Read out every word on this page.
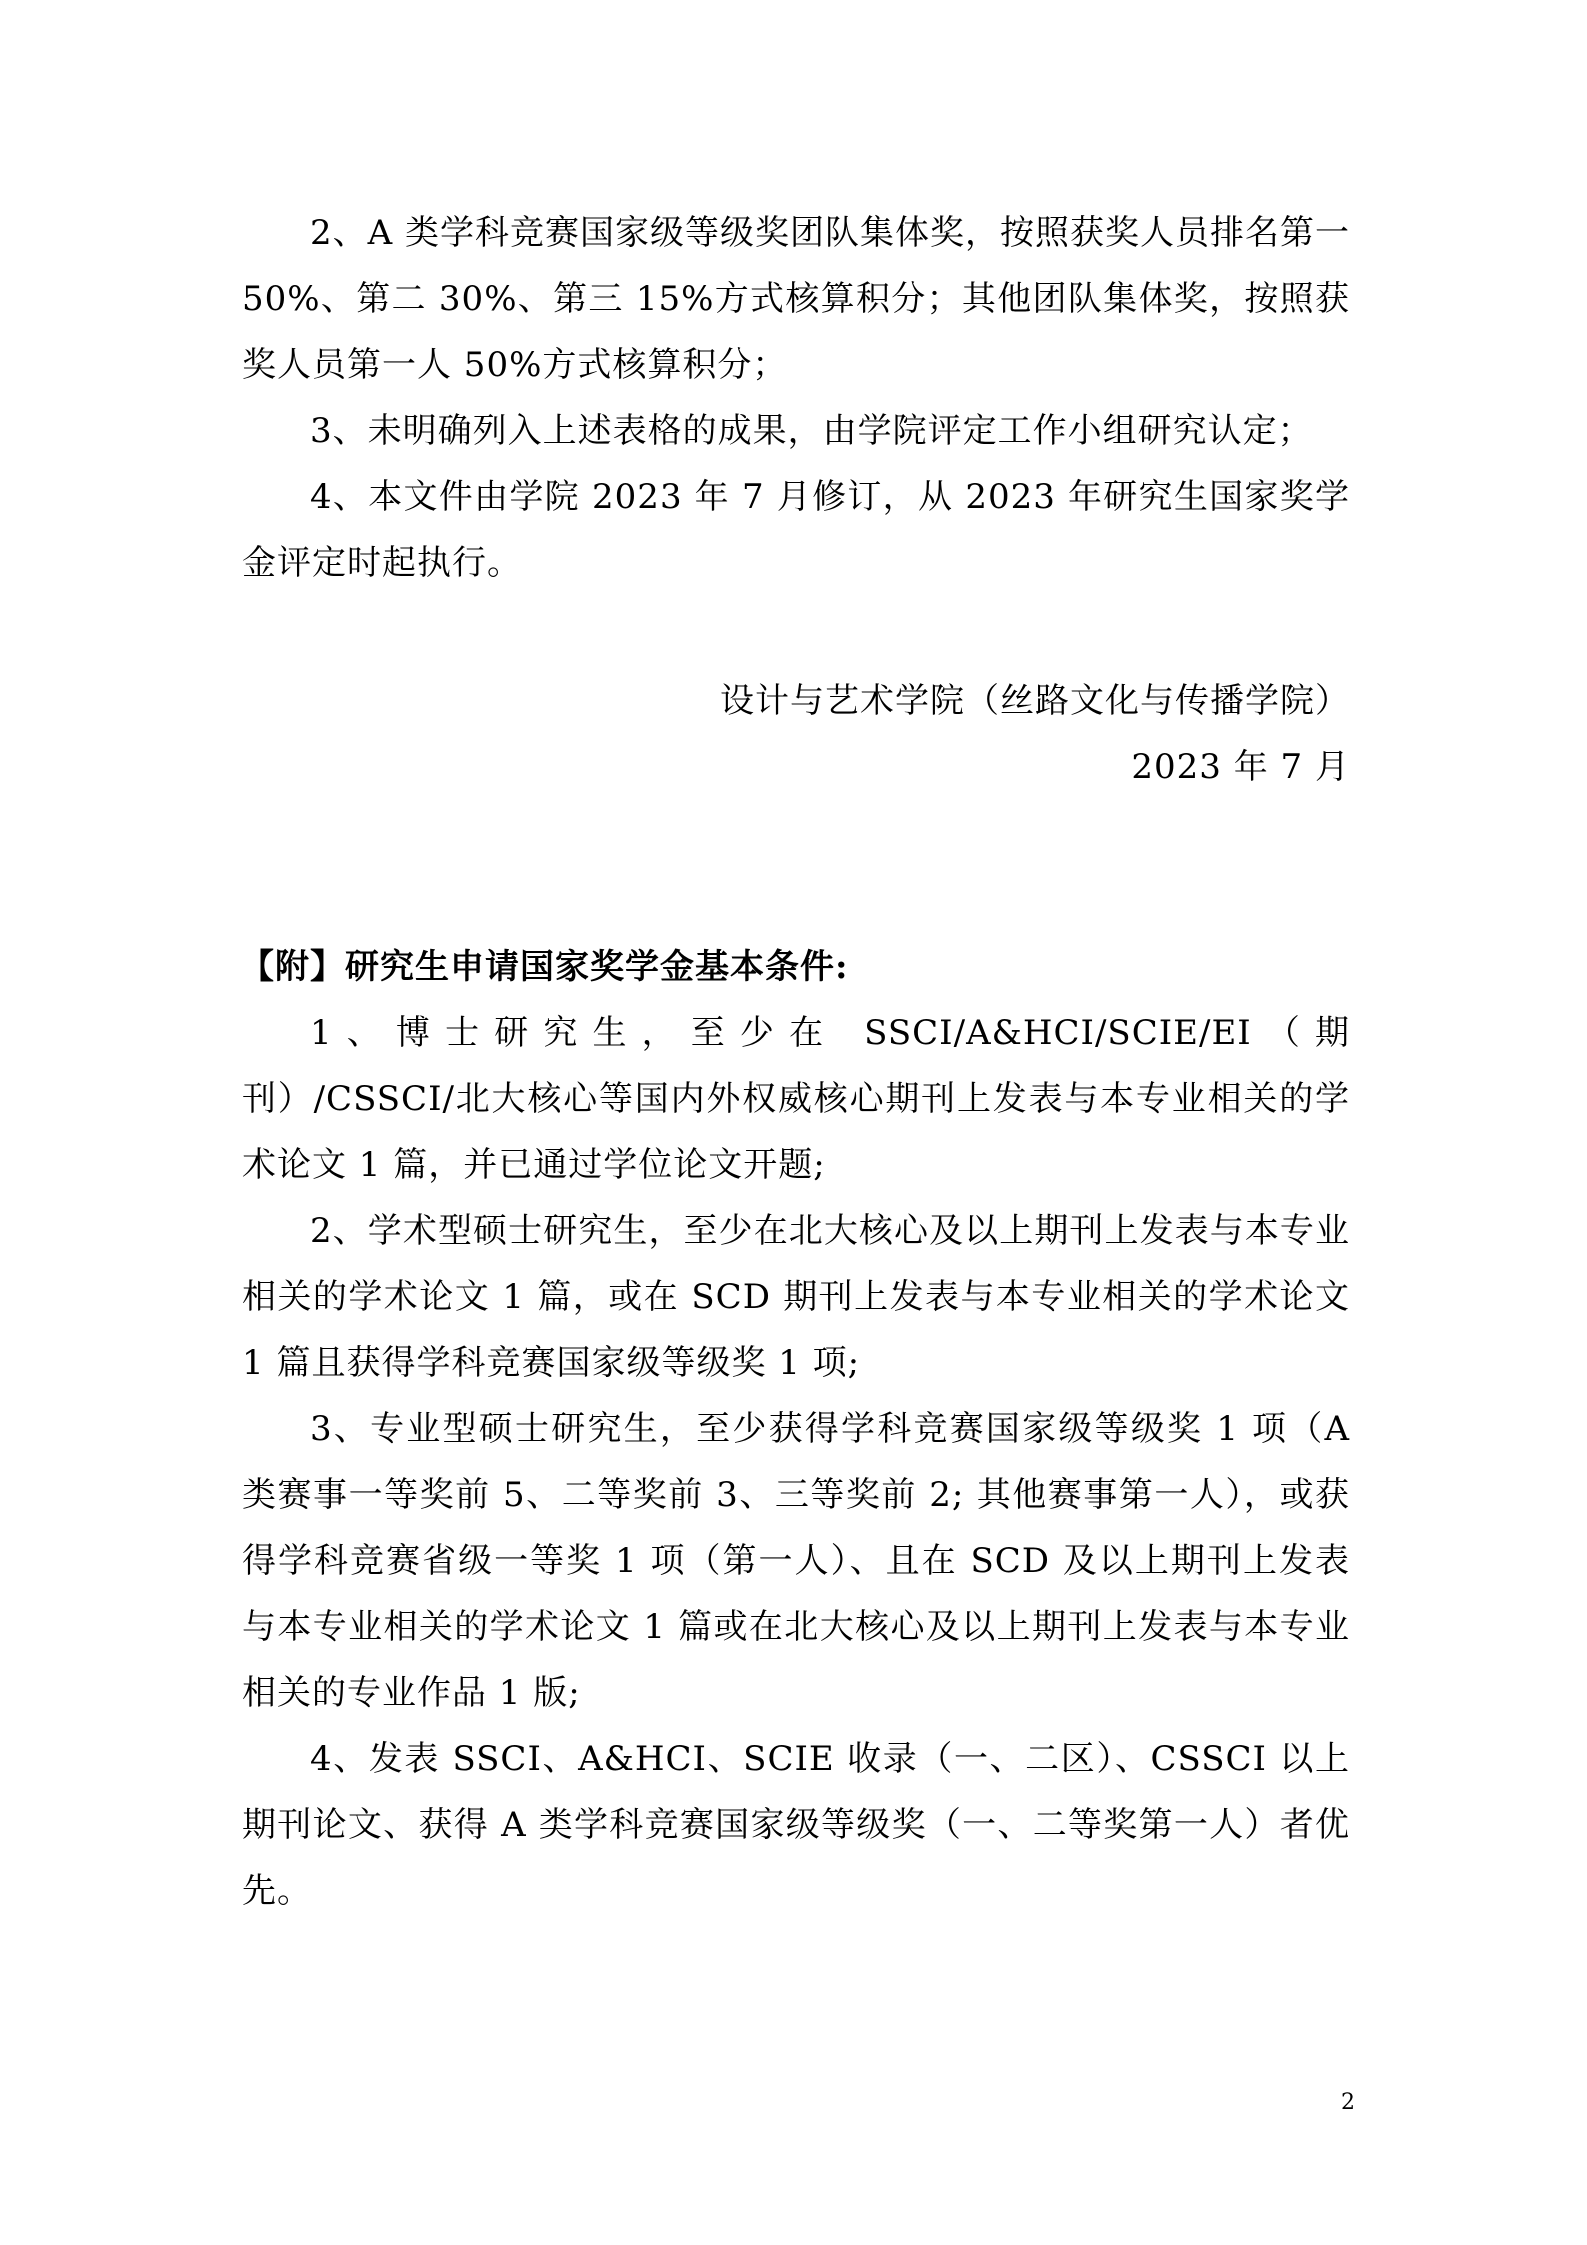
2、A 类学科竞赛国家级等级奖团队集体奖，按照获奖人员排名第一 50%、第二 30%、第三 15%方式核算积分；其他团队集体奖，按照获奖人员第一人 50%方式核算积分；

3、未明确列入上述表格的成果，由学院评定工作小组研究认定；

4、本文件由学院 2023 年 7 月修订，从 2023 年研究生国家奖学金评定时起执行。

设计与艺术学院（丝路文化与传播学院）
2023 年 7 月

【附】研究生申请国家奖学金基本条件:

1、博士研究生，至少在 SSCI/A&HCI/SCIE/EI（期刊）/CSSCI/北大核心等国内外权威核心期刊上发表与本专业相关的学术论文 1 篇，并已通过学位论文开题;

2、学术型硕士研究生，至少在北大核心及以上期刊上发表与本专业相关的学术论文 1 篇，或在 SCD 期刊上发表与本专业相关的学术论文 1 篇且获得学科竞赛国家级等级奖 1 项;

3、专业型硕士研究生，至少获得学科竞赛国家级等级奖 1 项（A 类赛事一等奖前 5、二等奖前 3、三等奖前 2; 其他赛事第一人），或获得学科竞赛省级一等奖 1 项（第一人）、且在 SCD 及以上期刊上发表与本专业相关的学术论文 1 篇或在北大核心及以上期刊上发表与本专业相关的专业作品 1 版;

4、发表 SSCI、A&HCI、SCIE 收录（一、二区）、CSSCI 以上期刊论文、获得 A 类学科竞赛国家级等级奖（一、二等奖第一人）者优先。

2
